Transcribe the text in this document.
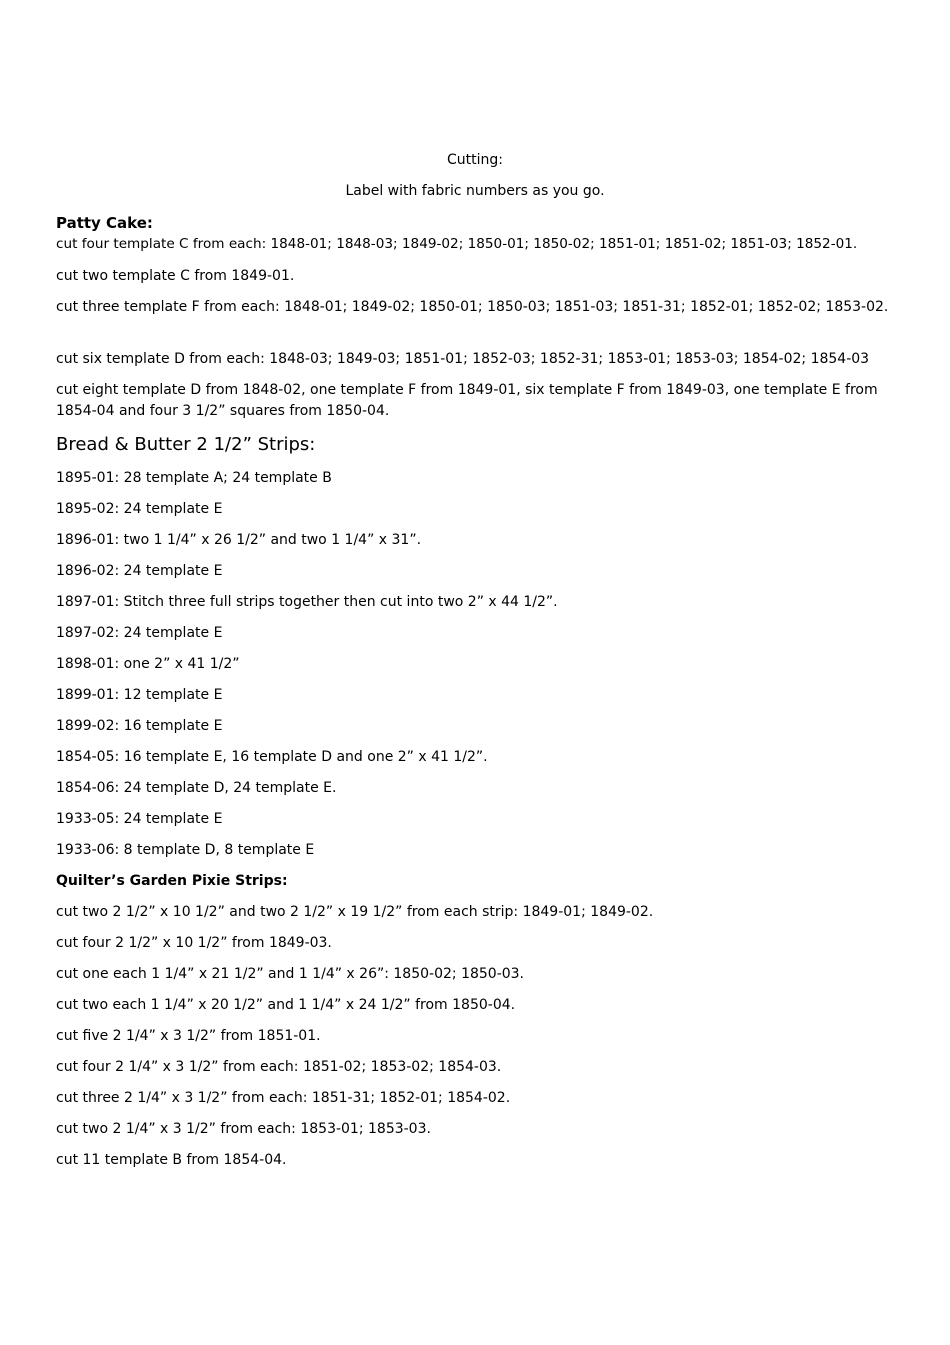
Cutting:
Label with fabric numbers as you go.
Patty Cake:
cut four template C from each: 1848-01; 1848-03; 1849-02; 1850-01; 1850-02; 1851-01; 1851-02; 1851-03; 1852-01.
cut two template C from 1849-01.
cut three template F from each: 1848-01; 1849-02; 1850-01; 1850-03; 1851-03; 1851-31; 1852-01; 1852-02; 1853-02.
cut six template D from each: 1848-03; 1849-03; 1851-01; 1852-03; 1852-31; 1853-01; 1853-03; 1854-02; 1854-03
cut eight template D from 1848-02, one template F from 1849-01, six template F from 1849-03, one template E from 1854-04 and four 3 1/2” squares from 1850-04.
Bread & Butter 2 1/2” Strips:
1895-01: 28 template A; 24 template B
1895-02: 24 template E
1896-01: two 1 1/4” x 26 1/2” and two 1 1/4” x 31”.
1896-02: 24 template E
1897-01: Stitch three full strips together then cut into two 2” x 44 1/2”.
1897-02: 24 template E
1898-01: one 2” x 41 1/2”
1899-01: 12 template E
1899-02: 16 template E
1854-05: 16 template E, 16 template D and one 2” x 41 1/2”.
1854-06: 24 template D, 24 template E.
1933-05: 24 template E
1933-06: 8 template D, 8 template E
Quilter’s Garden Pixie Strips:
cut two 2 1/2” x 10 1/2” and two 2 1/2” x 19 1/2” from each strip: 1849-01; 1849-02.
cut four 2 1/2” x 10 1/2” from 1849-03.
cut one each 1 1/4” x 21 1/2” and 1 1/4” x 26”: 1850-02; 1850-03.
cut two each 1 1/4” x 20 1/2” and 1 1/4” x 24 1/2” from 1850-04.
cut five 2 1/4” x 3 1/2” from 1851-01.
cut four 2 1/4” x 3 1/2” from each: 1851-02; 1853-02; 1854-03.
cut three 2 1/4” x 3 1/2” from each: 1851-31; 1852-01; 1854-02.
cut two 2 1/4” x 3 1/2” from each: 1853-01; 1853-03.
cut 11 template B from 1854-04.
